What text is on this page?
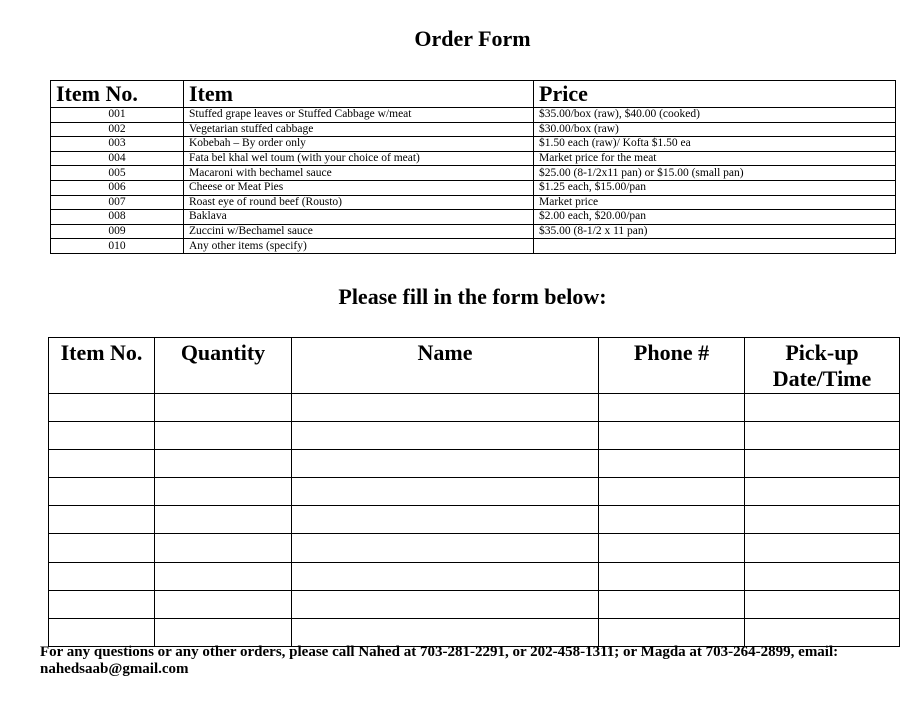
Order Form
Item No.	Item	Price
001	Stuffed grape leaves or Stuffed Cabbage w/meat	$35.00/box (raw), $40.00 (cooked)
002	Vegetarian stuffed cabbage	$30.00/box (raw)
003	Kobebah – By order only	$1.50 each (raw)/ Kofta $1.50 ea
004	Fata bel khal wel toum (with your choice of meat)	Market price for the meat
005	Macaroni with bechamel sauce	$25.00 (8-1/2x11 pan) or $15.00 (small pan)
006	Cheese or Meat Pies	$1.25 each, $15.00/pan
007	Roast eye of round beef (Rousto)	Market price
008	Baklava	$2.00 each, $20.00/pan
009	Zuccini w/Bechamel sauce	$35.00 (8-1/2 x 11 pan)
010	Any other items (specify)	
Please fill in the form below:
Item No.	Quantity	Name	Phone #	Pick-up Date/Time

For any questions or any other orders, please call Nahed at 703-281-2291, or 202-458-1311; or Magda at 703-264-2899, email: nahedsaab@gmail.com
